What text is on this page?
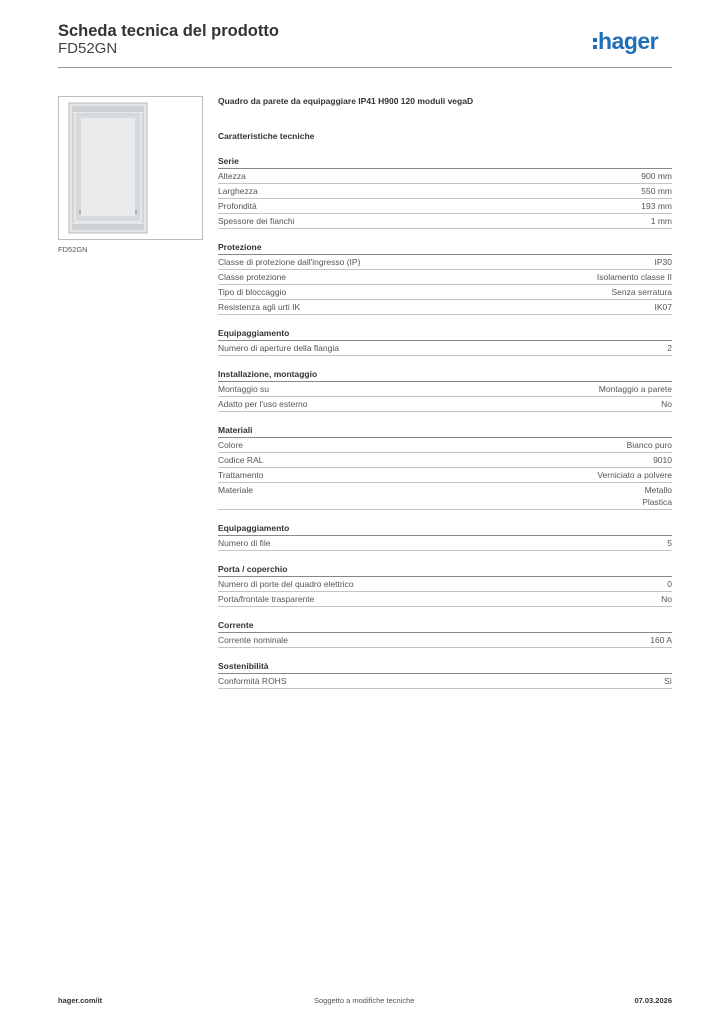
Scheda tecnica del prodotto
FD52GN	hager
FD52GN
Quadro da parete da equipaggiare IP41 H900 120 moduli vegaD
Caratteristiche tecniche
Serie
Altezza	900 mm
Larghezza	550 mm
Profondità	193 mm
Spessore dei fianchi	1 mm
Protezione
Classe di protezione dall'ingresso (IP)	IP30
Classe protezione	Isolamento classe II
Tipo di bloccaggio	Senza serratura
Resistenza agli urti IK	IK07
Equipaggiamento
Numero di aperture della flangia	2
Installazione, montaggio
Montaggio su	Montaggio a parete
Adatto per l'uso esterno	No
Materiali
Colore	Bianco puro
Codice RAL	9010
Trattamento	Verniciato a polvere
Materiale	Metallo
Plastica
Equipaggiamento
Numero di file	5
Porta / coperchio
Numero di porte del quadro elettrico	0
Porta/frontale trasparente	No
Corrente
Corrente nominale	160 A
Sostenibilità
Conformità ROHS	Sì
hager.com/it	Soggetto a modifiche tecniche	07.03.2026
